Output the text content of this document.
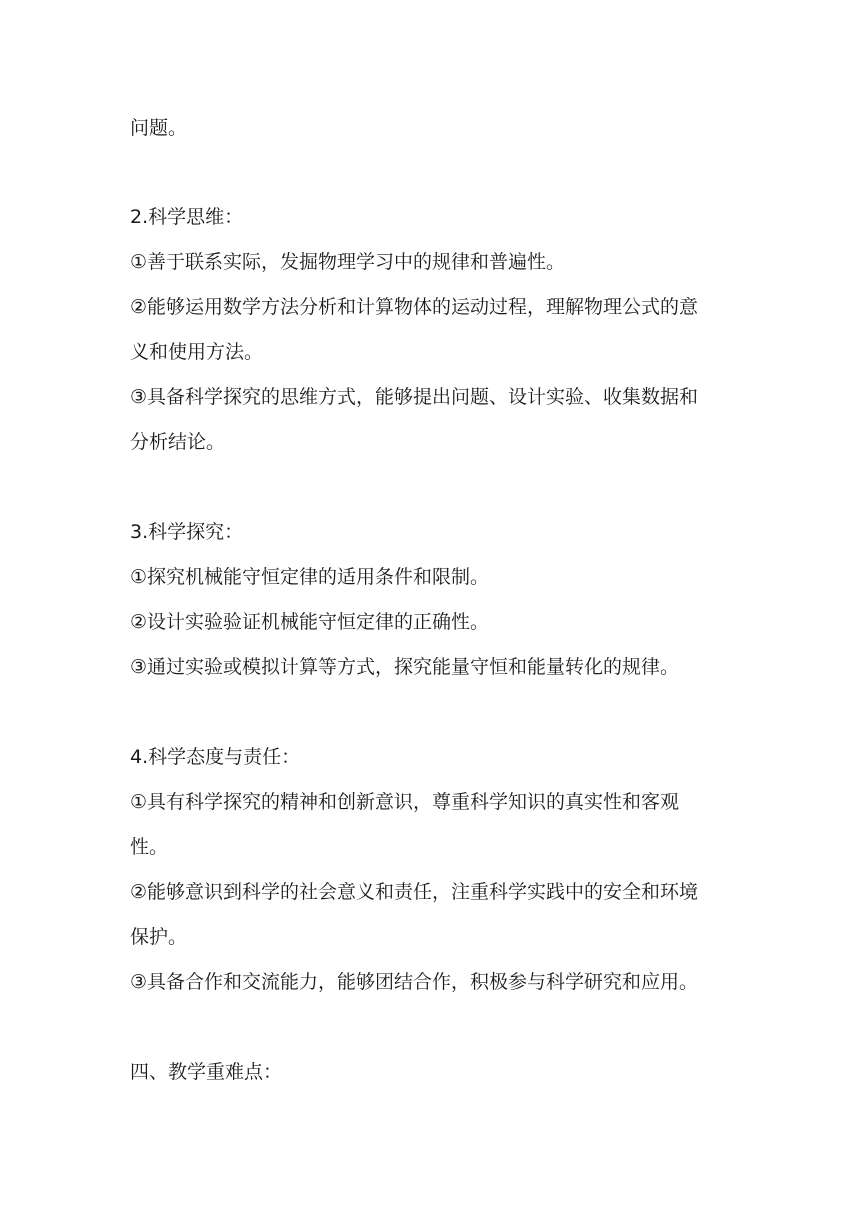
问题。
2.科学思维：
①善于联系实际，发掘物理学习中的规律和普遍性。
②能够运用数学方法分析和计算物体的运动过程，理解物理公式的意
义和使用方法。
③具备科学探究的思维方式，能够提出问题、设计实验、收集数据和
分析结论。
3.科学探究：
①探究机械能守恒定律的适用条件和限制。
②设计实验验证机械能守恒定律的正确性。
③通过实验或模拟计算等方式，探究能量守恒和能量转化的规律。
4.科学态度与责任：
①具有科学探究的精神和创新意识，尊重科学知识的真实性和客观
性。
②能够意识到科学的社会意义和责任，注重科学实践中的安全和环境
保护。
③具备合作和交流能力，能够团结合作，积极参与科学研究和应用。
四、教学重难点：
